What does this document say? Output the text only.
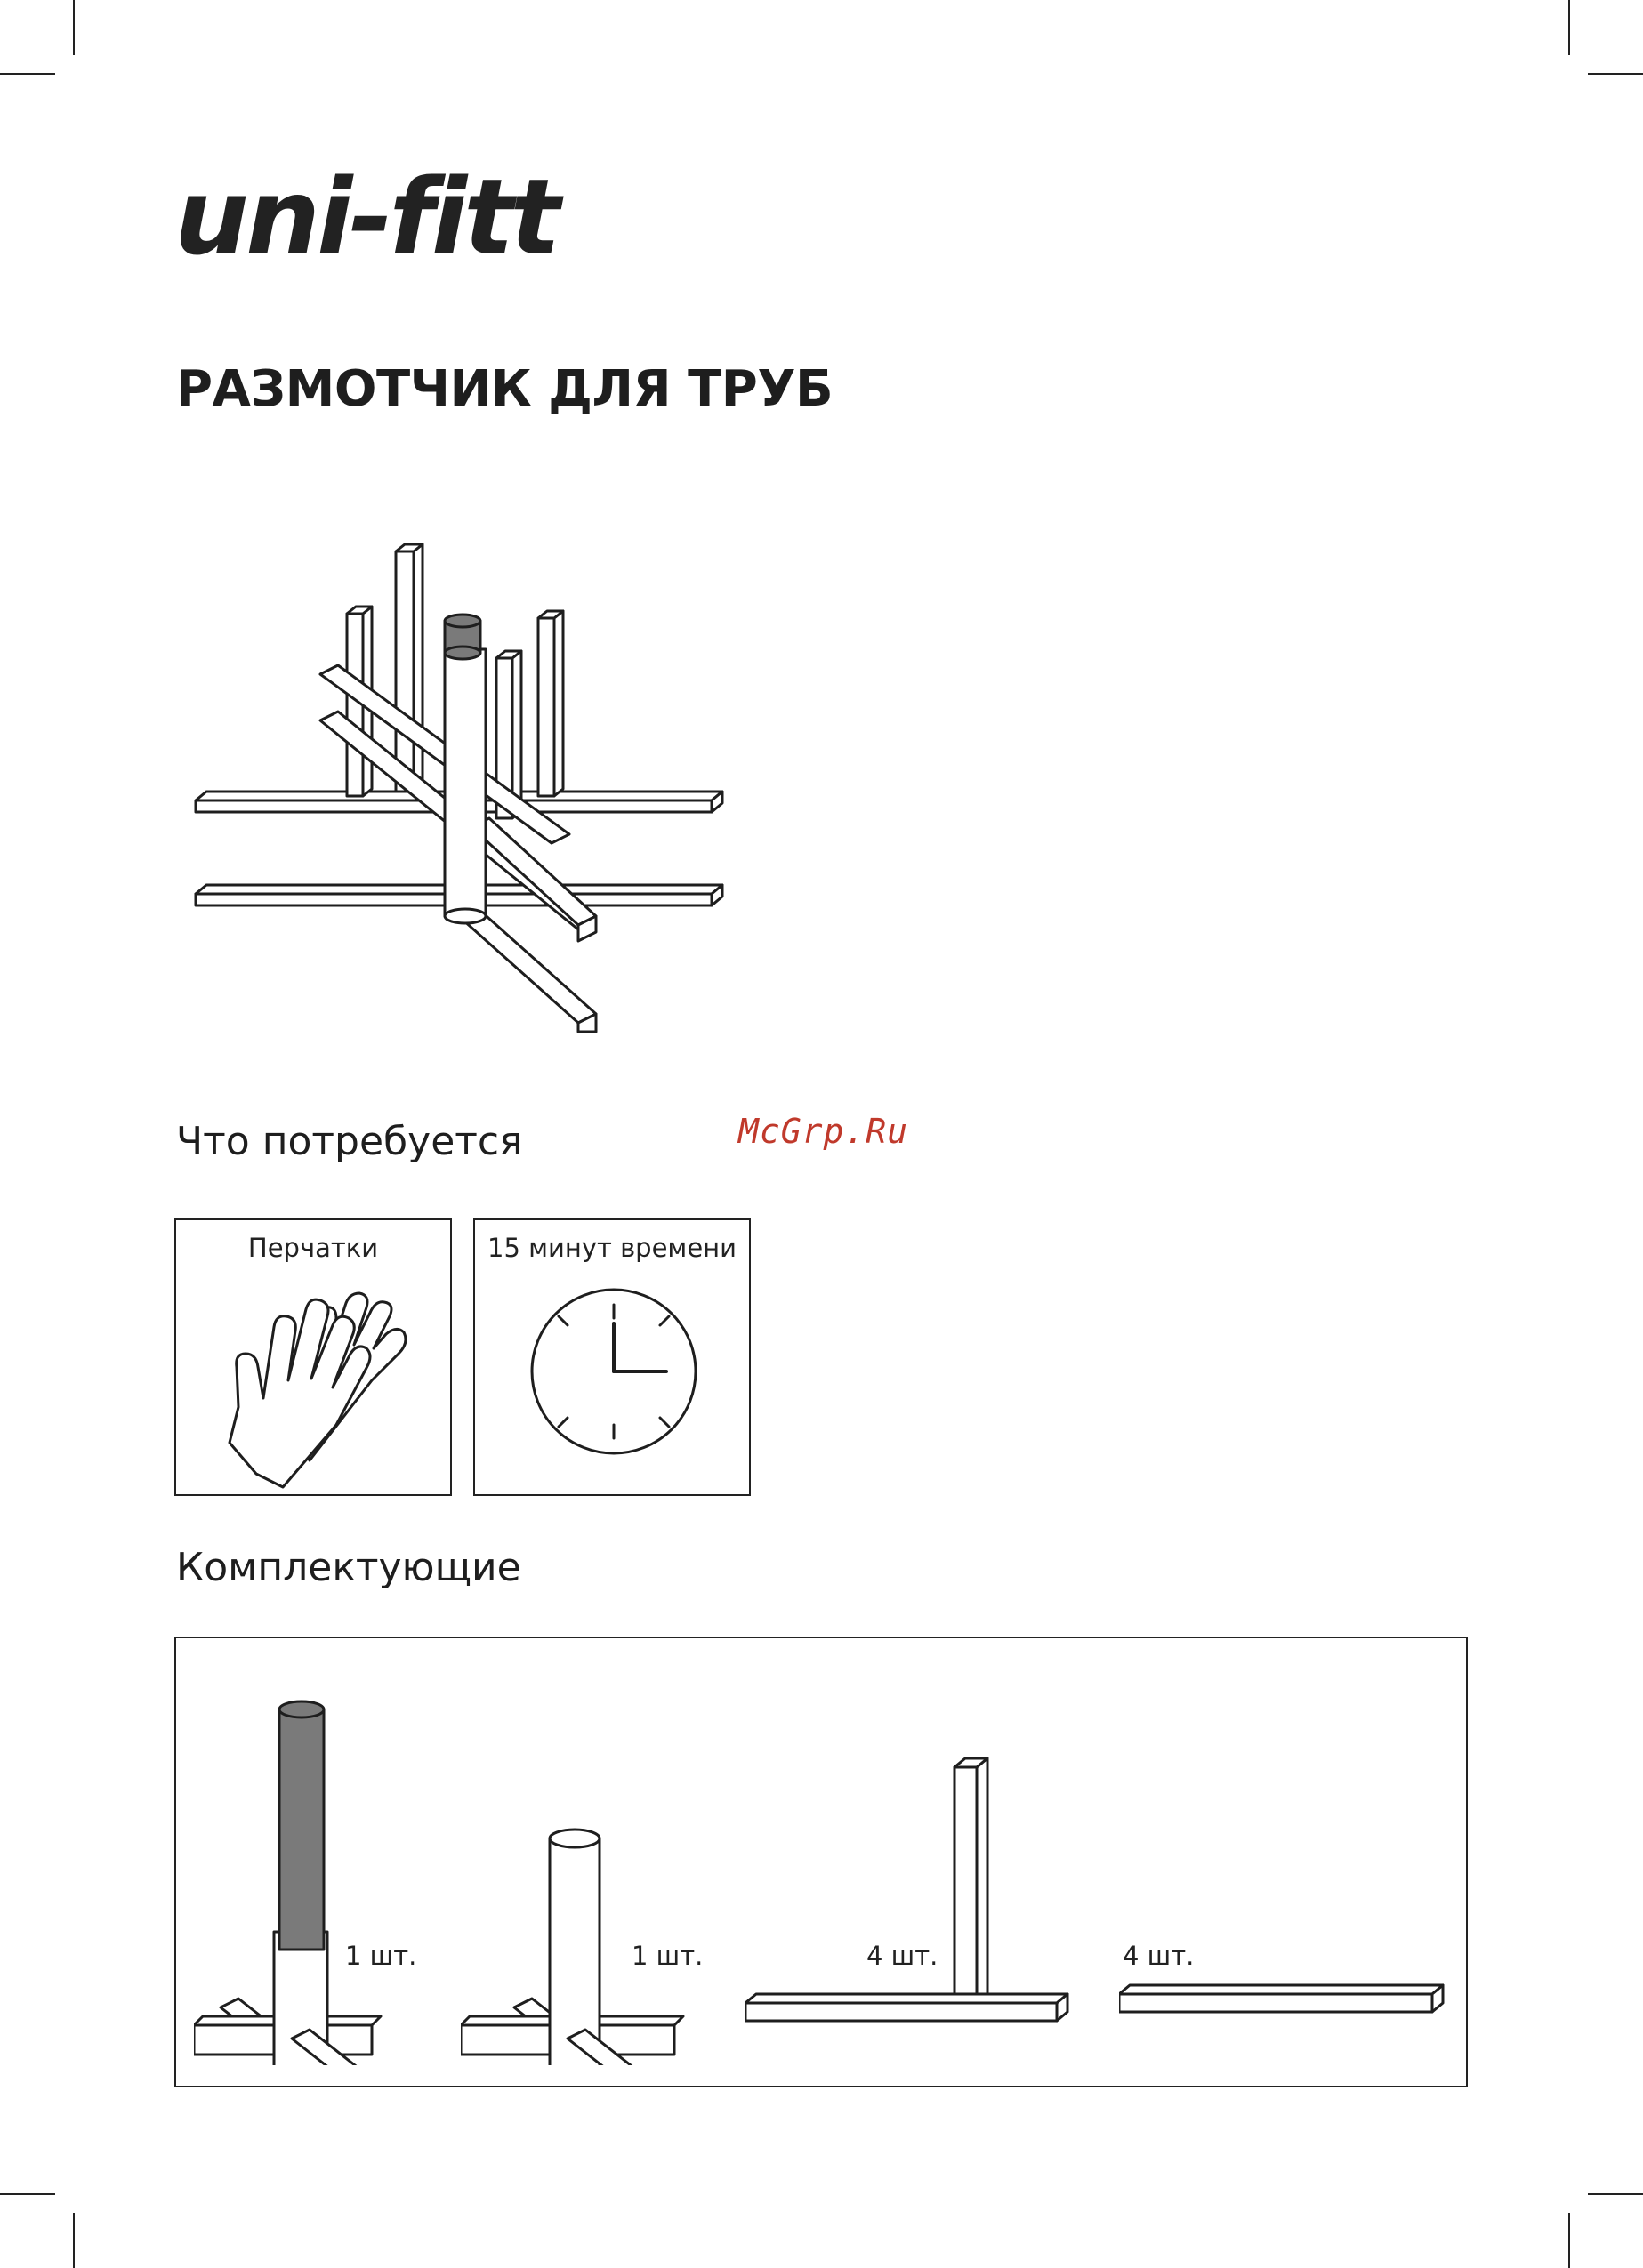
uni-fitt
РАЗМОТЧИК ДЛЯ ТРУБ
McGrp.Ru
Что потребуется
Перчатки	15 минут времени
Комплектующие
1 шт.	1 шт.	4 шт.	4 шт.
